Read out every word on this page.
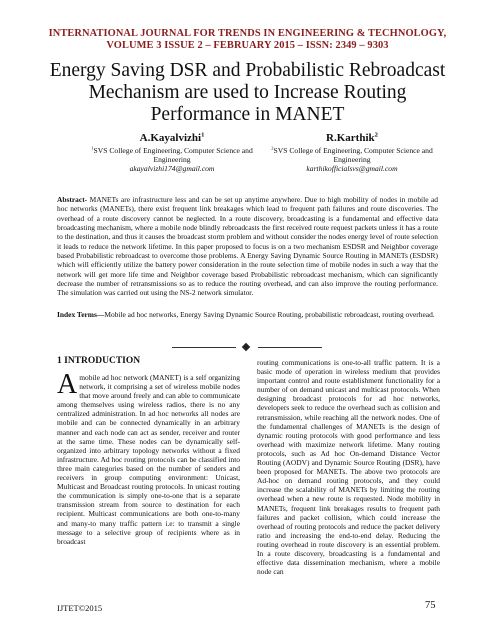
INTERNATIONAL JOURNAL FOR TRENDS IN ENGINEERING & TECHNOLOGY,
VOLUME 3 ISSUE 2 – FEBRUARY 2015 – ISSN: 2349 – 9303
Energy Saving DSR and Probabilistic Rebroadcast Mechanism are used to Increase Routing Performance in MANET
A.Kayalvizhi$^1$
$^1$SVS College of Engineering, Computer Science and Engineering
akayalvizhi174@gmail.com
R.Karthik$^2$
$^2$SVS College of Engineering, Computer Science and Engineering
karthikofficialsvs@gmail.com
Abstract- MANETs are infrastructure less and can be set up anytime anywhere. Due to high mobility of nodes in mobile ad hoc networks (MANETs), there exist frequent link breakages which lead to frequent path failures and route discoveries. The overhead of a route discovery cannot be neglected. In a route discovery, broadcasting is a fundamental and effective data broadcasting mechanism, where a mobile node blindly rebroadcasts the first received route request packets unless it has a route to the destination, and thus it causes the broadcast storm problem and without consider the nodes energy level of route selection it leads to reduce the network lifetime. In this paper proposed to focus is on a two mechanism ESDSR and Neighbor coverage based Probabilistic rebroadcast to overcome those problems. A Energy Saving Dynamic Source Routing in MANETs (ESDSR) which will efficiently utilize the battery power consideration in the route selection time of mobile nodes in such a way that the network will get more life time and Neighbor coverage based Probabilistic rebroadcast mechanism, which can significantly decrease the number of retransmissions so as to reduce the routing overhead, and can also improve the routing performance. The simulation was carried out using the NS-2 network simulator.
Index Terms—Mobile ad hoc networks, Energy Saving Dynamic Source Routing, probabilistic rebroadcast, routing overhead.
1 INTRODUCTION
A mobile ad hoc network (MANET) is a self organizing network, it comprising a set of wireless mobile nodes that move around freely and can able to communicate among themselves using wireless radios, there is no any centralized administration. In ad hoc networks all nodes are mobile and can be connected dynamically in an arbitrary manner and each node can act as sender, receiver and router at the same time. These nodes can be dynamically self-organized into arbitrary topology networks without a fixed infrastructure. Ad hoc routing protocols can be classified into three main categories based on the number of senders and receivers in group computing environment: Unicast, Multicast and Broadcast routing protocols. In unicast routing the communication is simply one-to-one that is a separate transmission stream from source to destination for each recipient. Multicast communications are both one-to-many and many-to many traffic pattern i.e: to transmit a single message to a selective group of recipients where as in broadcast
routing communications is one-to-all traffic pattern. It is a basic mode of operation in wireless medium that provides important control and route establishment functionality for a number of on demand unicast and multicast protocols. When designing broadcast protocols for ad hoc networks, developers seek to reduce the overhead such as collision and retransmission, while reaching all the network nodes. One of the fundamental challenges of MANETs is the design of dynamic routing protocols with good performance and less overhead with maximize network lifetime. Many routing protocols, such as Ad hoc On-demand Distance Vector Routing (AODV) and Dynamic Source Routing (DSR), have been proposed for MANETs. The above two protocols are Ad-hoc on demand routing protocols, and they could increase the scalability of MANETs by limiting the routing overhead when a new route is requested. Node mobility in MANETs, frequent link breakages results to frequent path failures and packet collision, which could increase the overhead of routing protocols and reduce the packet delivery ratio and increasing the end-to-end delay. Reducing the routing overhead in route discovery is an essential problem. In a route discovery, broadcasting is a fundamental and effective data dissemination mechanism, where a mobile node can
IJTET©2015	75
